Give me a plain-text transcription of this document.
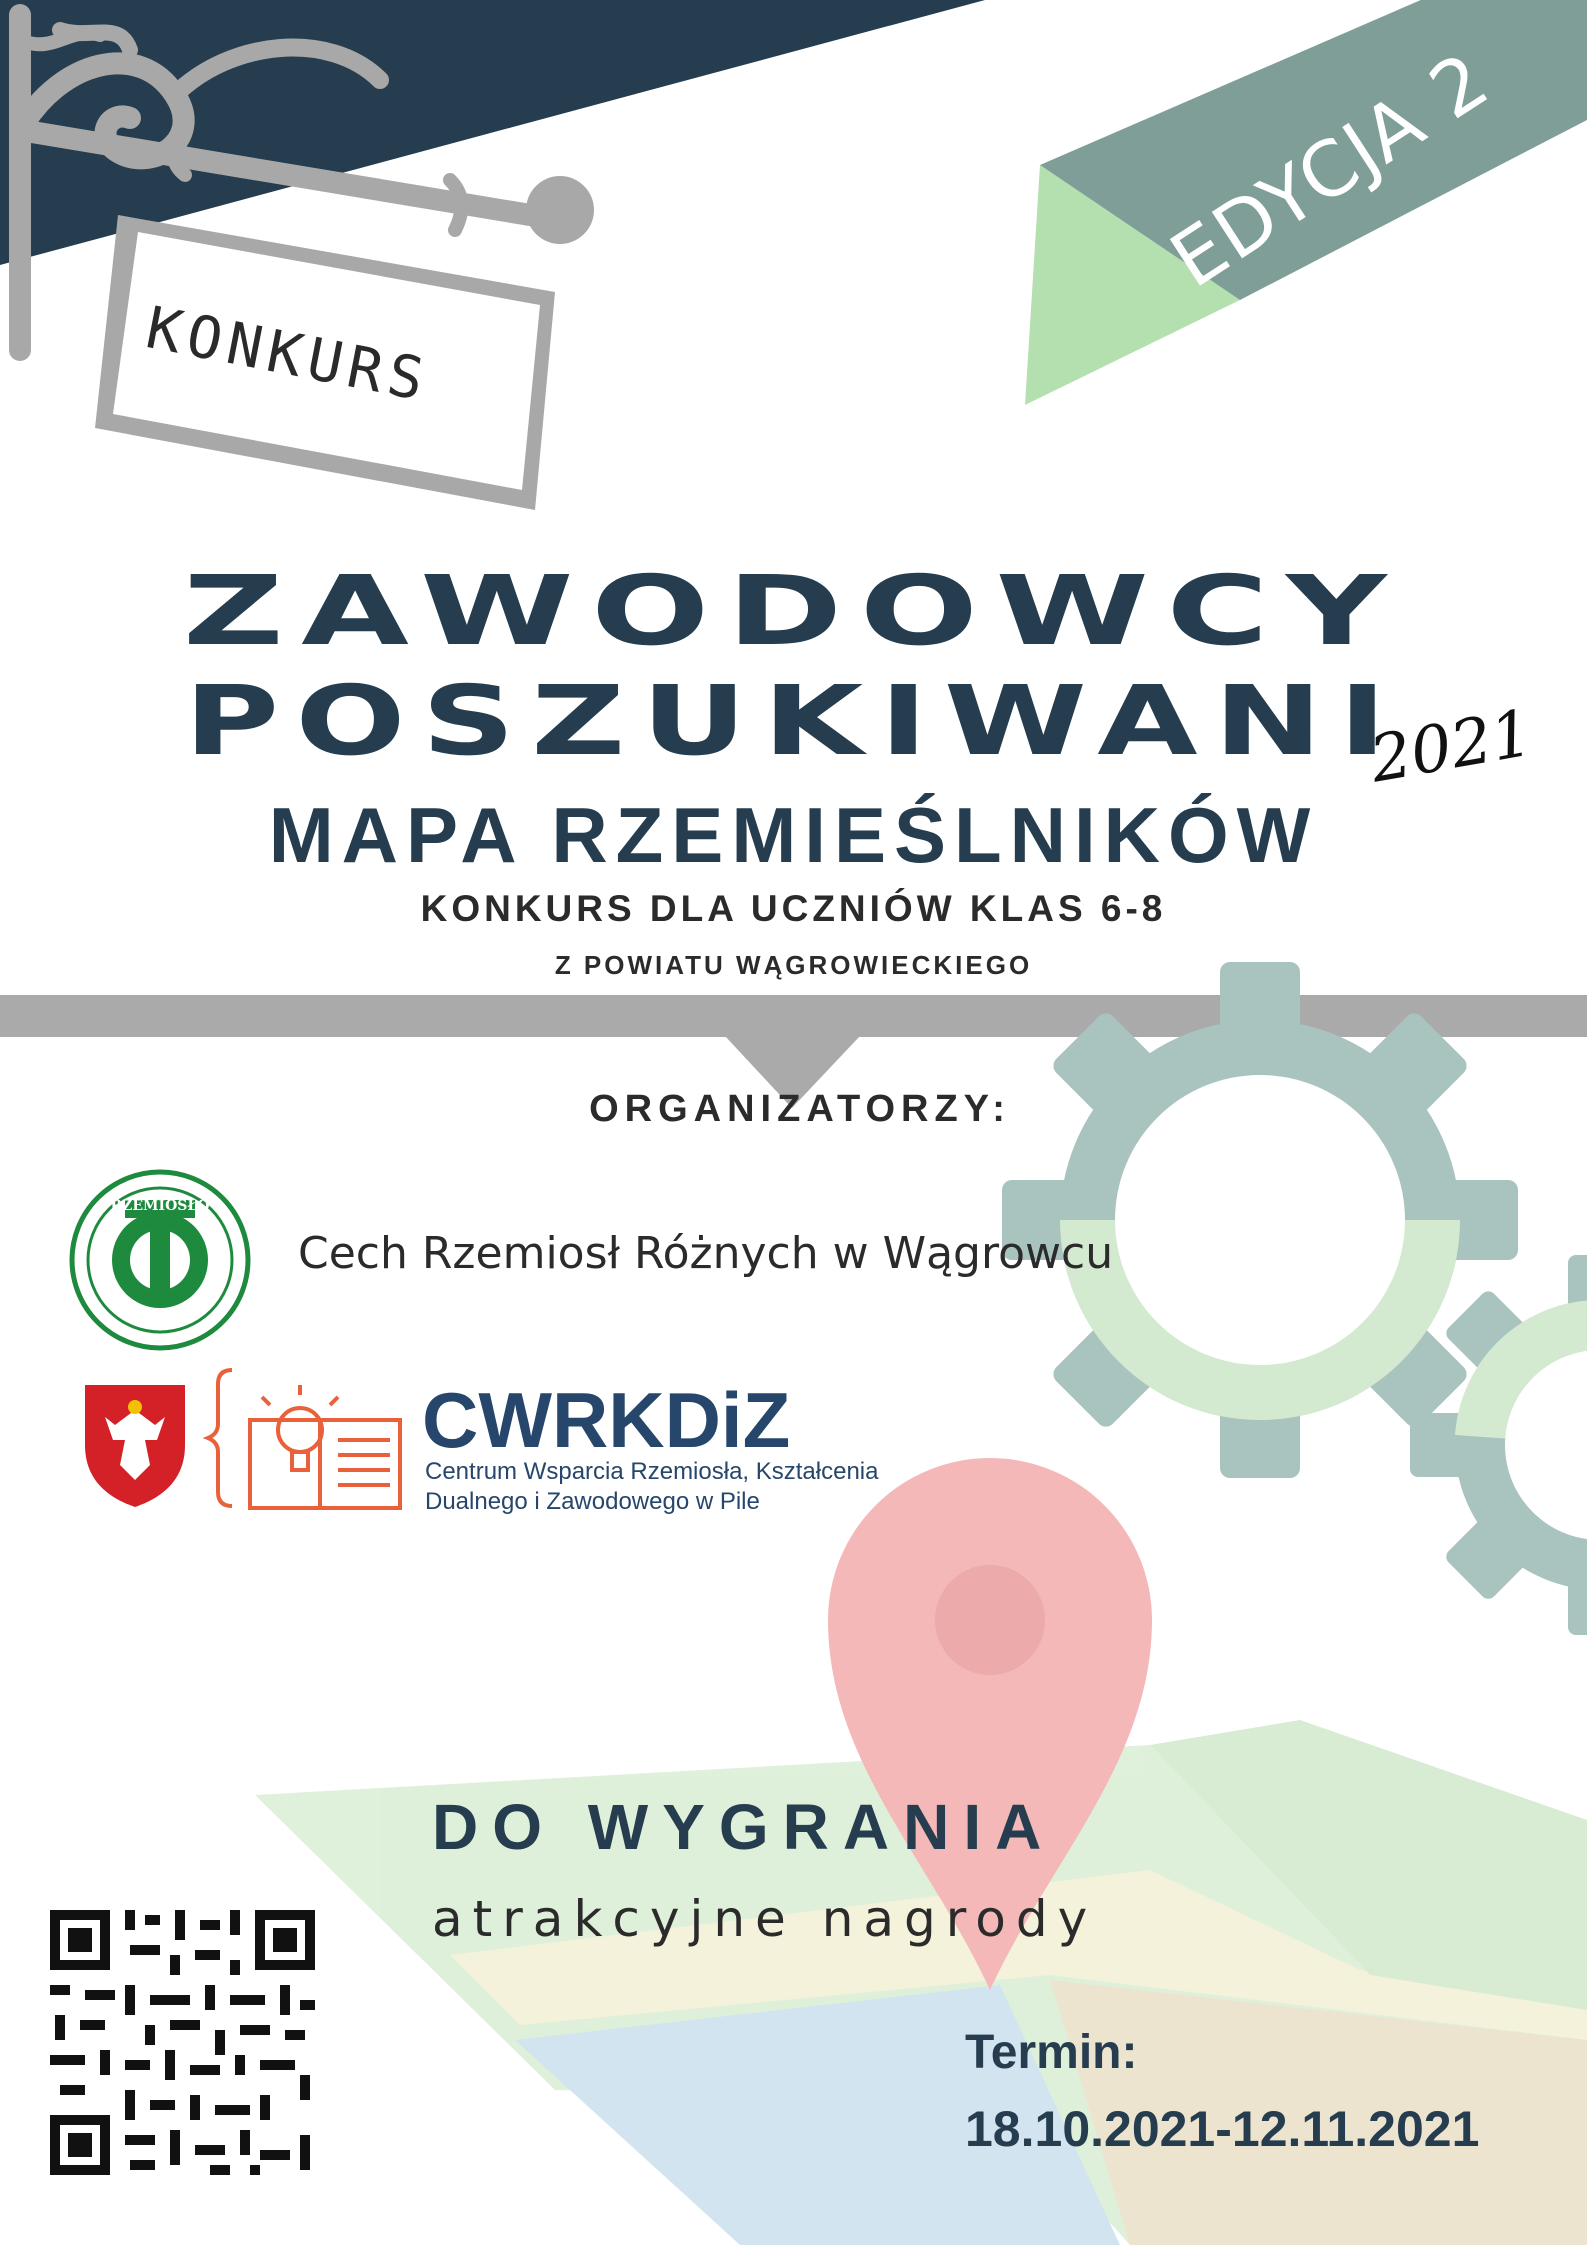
RZEMIOSŁO
KONKURS
EDYCJA 2
ZAWODOWCY
POSZUKIWANI
2021
MAPA RZEMIEŚLNIKÓW
KONKURS DLA UCZNIÓW KLAS 6-8
Z POWIATU WĄGROWIECKIEGO
ORGANIZATORZY:
Cech Rzemiosł Różnych w Wągrowcu
CWRKDiZ
Centrum Wsparcia Rzemiosła, Kształcenia
Dualnego i Zawodowego w Pile
DO WYGRANIA
atrakcyjne nagrody
Termin:
18.10.2021-12.11.2021
